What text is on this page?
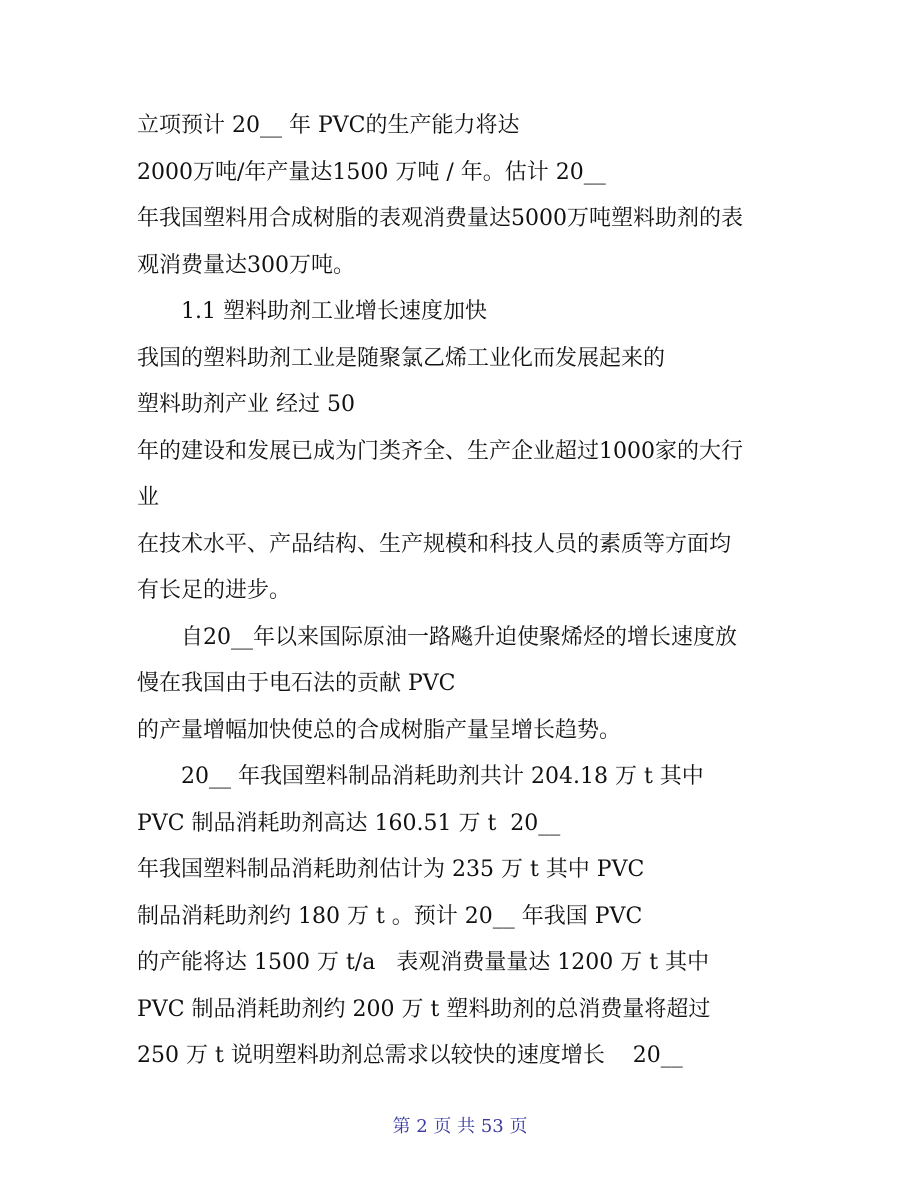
立项预计 20__ 年 PVC的生产能力将达
2000万吨/年产量达1500 万吨 / 年。估计 20__
年我国塑料用合成树脂的表观消费量达5000万吨塑料助剂的表
观消费量达300万吨。
1.1 塑料助剂工业增长速度加快
我国的塑料助剂工业是随聚氯乙烯工业化而发展起来的
塑料助剂产业 经过 50
年的建设和发展已成为门类齐全、生产企业超过1000家的大行
业
在技术水平、产品结构、生产规模和科技人员的素质等方面均
有长足的进步。
自20__年以来国际原油一路飚升迫使聚烯烃的增长速度放
慢在我国由于电石法的贡献 PVC
的产量增幅加快使总的合成树脂产量呈增长趋势。
20__ 年我国塑料制品消耗助剂共计 204.18 万 t 其中
PVC 制品消耗助剂高达 160.51 万 t  20__
年我国塑料制品消耗助剂估计为 235 万 t 其中 PVC
制品消耗助剂约 180 万 t 。预计 20__ 年我国 PVC
的产能将达 1500 万 t/a   表观消费量量达 1200 万 t 其中
PVC 制品消耗助剂约 200 万 t 塑料助剂的总消费量将超过
250 万 t 说明塑料助剂总需求以较快的速度增长    20__
第 2 页 共 53 页
